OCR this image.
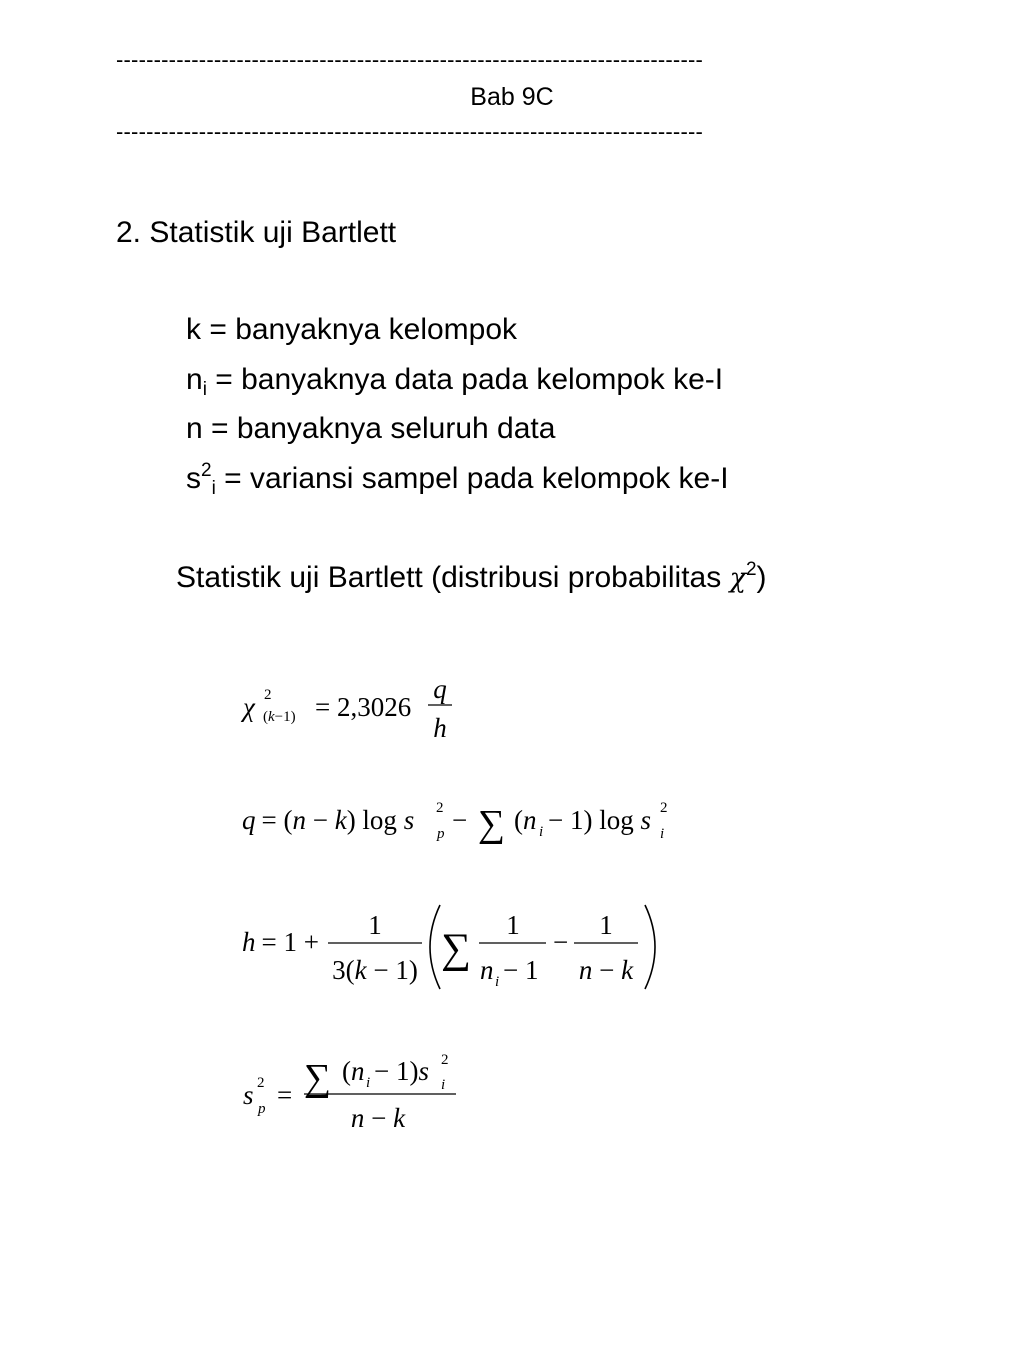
------------------------------------------------------------------------------
Bab 9C
------------------------------------------------------------------------------
2. Statistik uji Bartlett
k = banyaknya kelompok
$n_i$ = banyaknya data pada kelompok ke-I
n = banyaknya seluruh data
$s^2_i$ = variansi sampel pada kelompok ke-I
Statistik uji Bartlett (distribusi probabilitas $\chi^2$)
χ 2
(k−1) = 2,3026
q
h
q = (n − k) log s 2
p − ∑ (n i − 1) log s 2
i
h = 1 +
1
3(k − 1) ∑
1
n i − 1
−
1
n − k
s 2
p = ∑ (n i − 1)s 2
i
n − k
